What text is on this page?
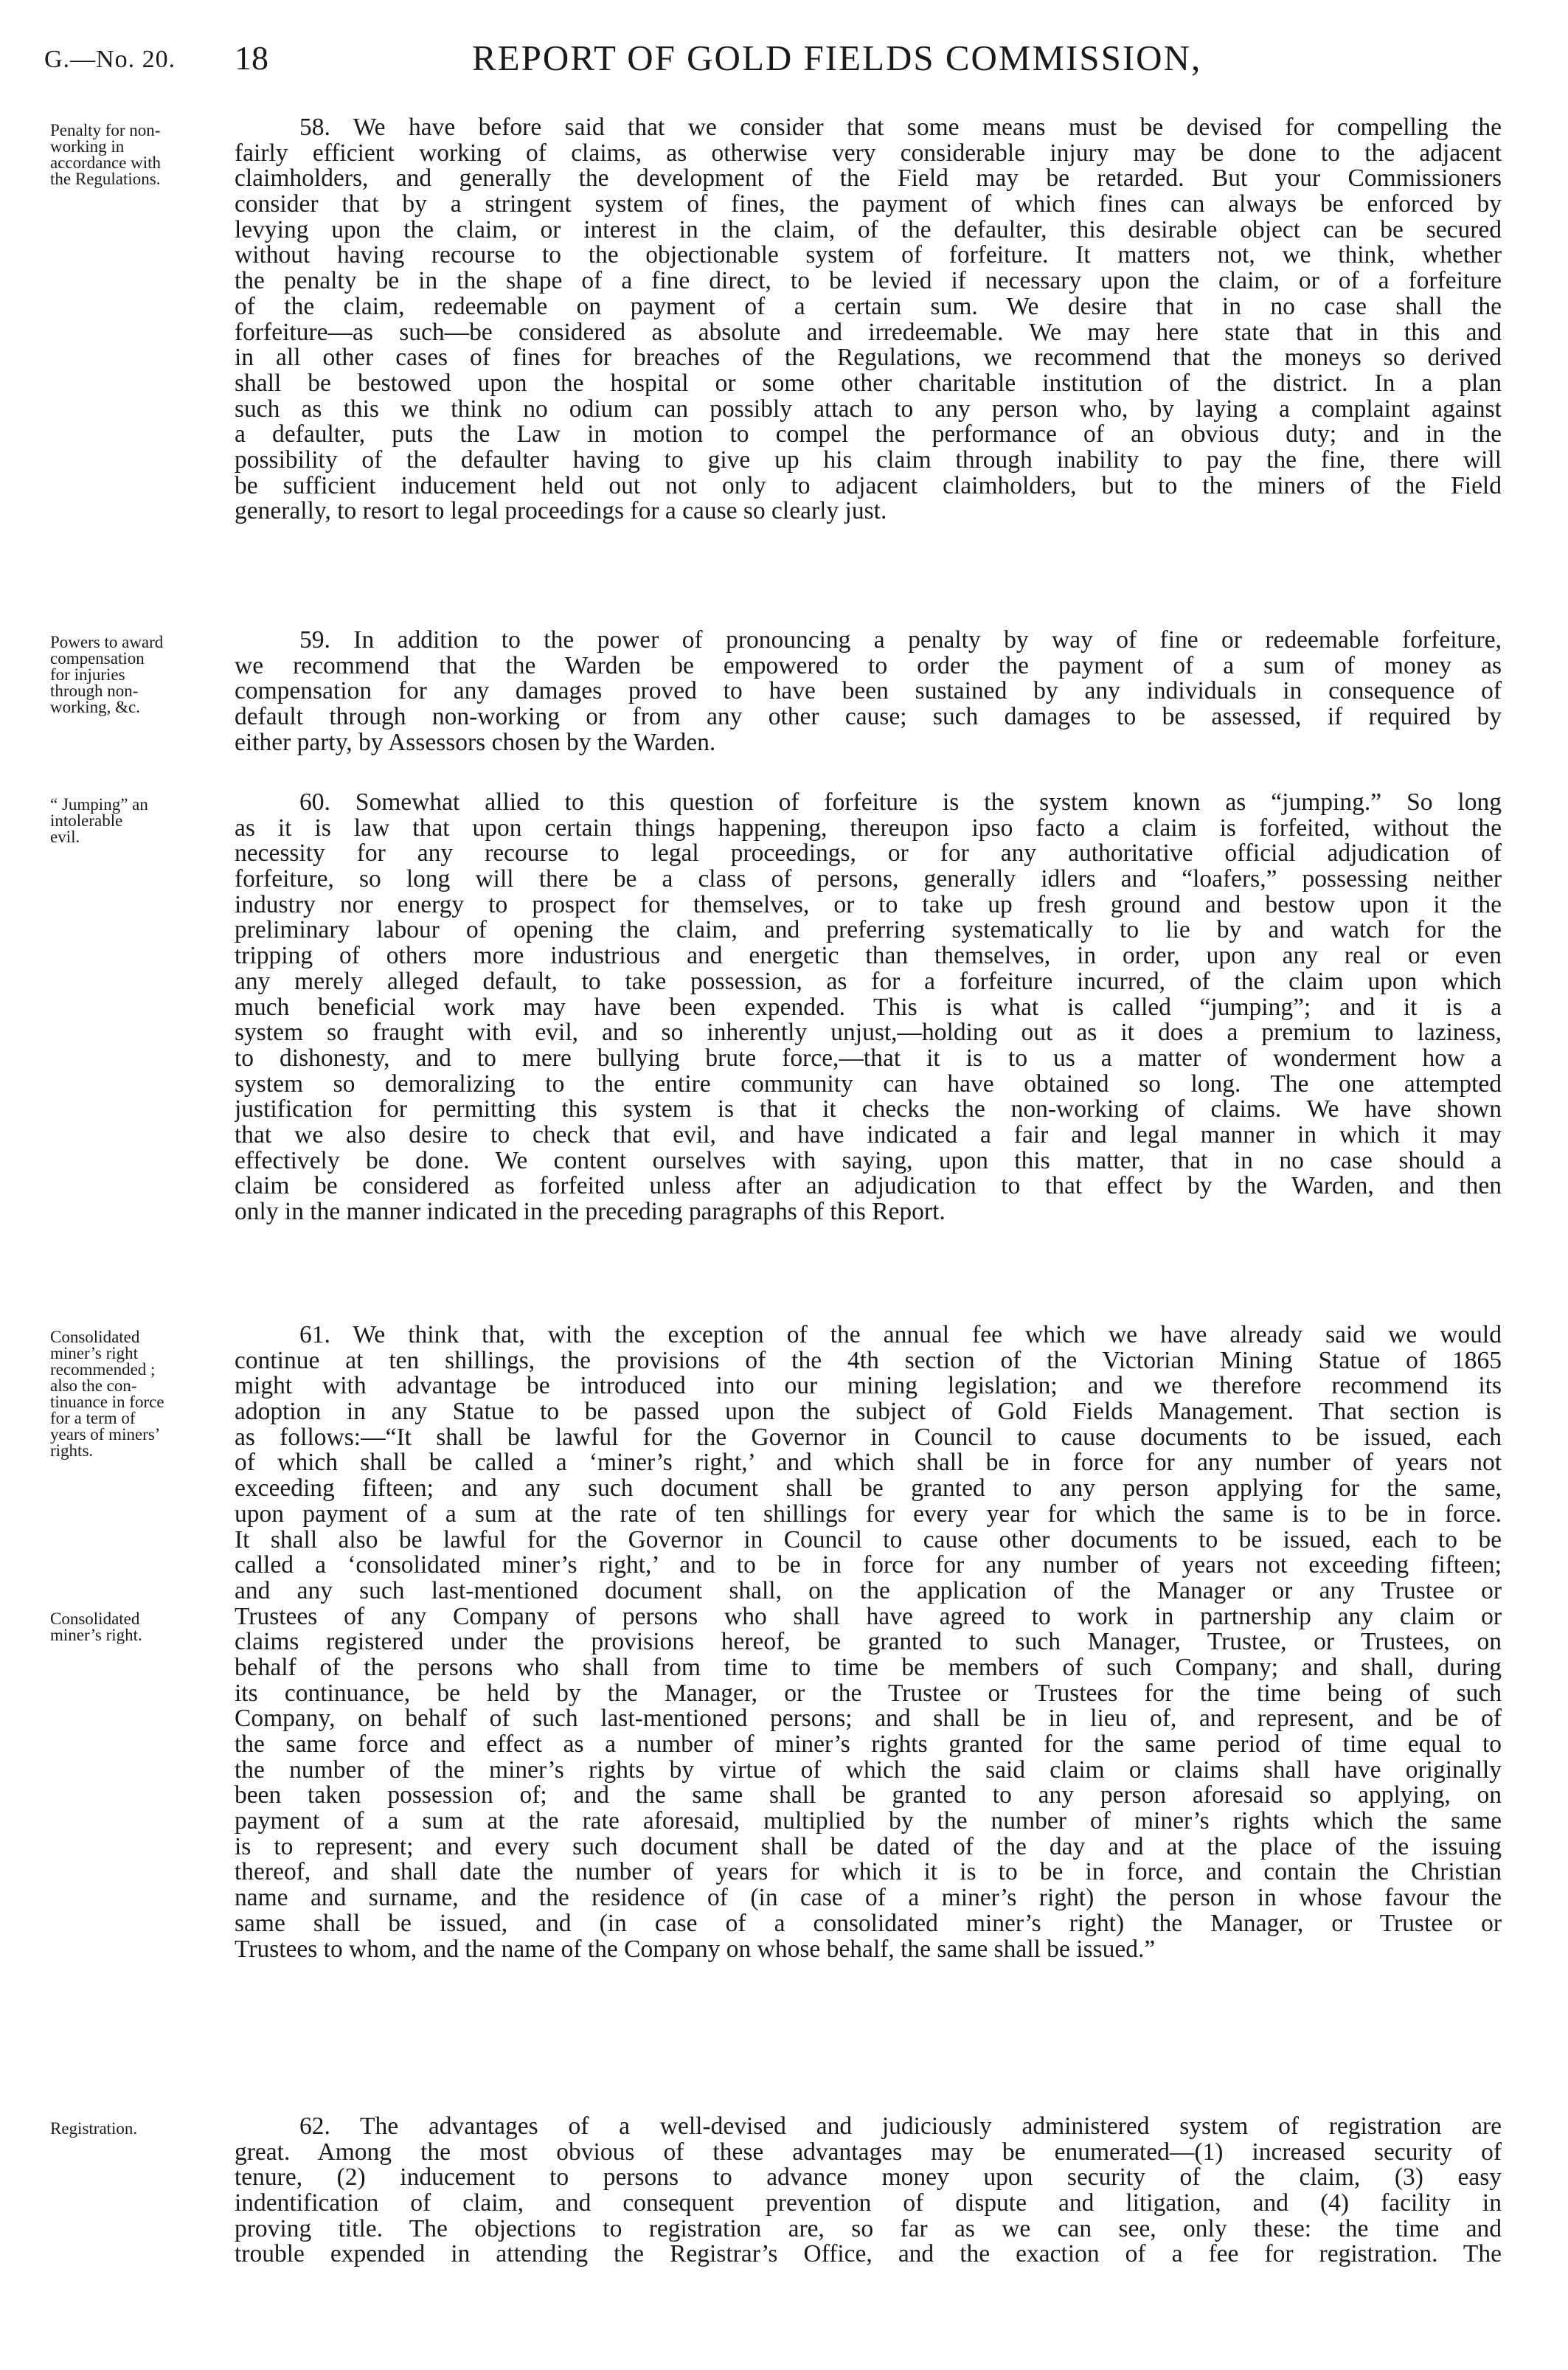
G.—No. 20. 18	REPORT OF GOLD FIELDS COMMISSION,
Penalty for non-
working in
accordance with
the Regulations.
Powers to award
compensation
for injuries
through non-
working, &c.
“ Jumping” an
intolerable
evil.
Consolidated
miner’s right
recommended ;
also the con-
tinuance in force
for a term of
years of miners’
rights.
Consolidated
miner’s right.
Registration.
58. We have before said that we consider that some means must be devised for compelling the
fairly efficient working of claims, as otherwise very considerable injury may be done to the adjacent
claimholders, and generally the development of the Field may be retarded. But your Commissioners
consider that by a stringent system of fines, the payment of which fines can always be enforced by
levying upon the claim, or interest in the claim, of the defaulter, this desirable object can be secured
without having recourse to the objectionable system of forfeiture. It matters not, we think, whether
the penalty be in the shape of a fine direct, to be levied if necessary upon the claim, or of a forfeiture
of the claim, redeemable on payment of a certain sum. We desire that in no case shall the
forfeiture—as such—be considered as absolute and irredeemable. We may here state that in this and
in all other cases of fines for breaches of the Regulations, we recommend that the moneys so derived
shall be bestowed upon the hospital or some other charitable institution of the district. In a plan
such as this we think no odium can possibly attach to any person who, by laying a complaint against
a defaulter, puts the Law in motion to compel the performance of an obvious duty; and in the
possibility of the defaulter having to give up his claim through inability to pay the fine, there will
be sufficient inducement held out not only to adjacent claimholders, but to the miners of the Field
generally, to resort to legal proceedings for a cause so clearly just.
59. In addition to the power of pronouncing a penalty by way of fine or redeemable forfeiture,
we recommend that the Warden be empowered to order the payment of a sum of money as
compensation for any damages proved to have been sustained by any individuals in consequence of
default through non-working or from any other cause; such damages to be assessed, if required by
either party, by Assessors chosen by the Warden.
60. Somewhat allied to this question of forfeiture is the system known as “jumping.” So long
as it is law that upon certain things happening, thereupon ipso facto a claim is forfeited, without the
necessity for any recourse to legal proceedings, or for any authoritative official adjudication of
forfeiture, so long will there be a class of persons, generally idlers and “loafers,” possessing neither
industry nor energy to prospect for themselves, or to take up fresh ground and bestow upon it the
preliminary labour of opening the claim, and preferring systematically to lie by and watch for the
tripping of others more industrious and energetic than themselves, in order, upon any real or even
any merely alleged default, to take possession, as for a forfeiture incurred, of the claim upon which
much beneficial work may have been expended. This is what is called “jumping”; and it is a
system so fraught with evil, and so inherently unjust,—holding out as it does a premium to laziness,
to dishonesty, and to mere bullying brute force,—that it is to us a matter of wonderment how a
system so demoralizing to the entire community can have obtained so long. The one attempted
justification for permitting this system is that it checks the non-working of claims. We have shown
that we also desire to check that evil, and have indicated a fair and legal manner in which it may
effectively be done. We content ourselves with saying, upon this matter, that in no case should a
claim be considered as forfeited unless after an adjudication to that effect by the Warden, and then
only in the manner indicated in the preceding paragraphs of this Report.
61. We think that, with the exception of the annual fee which we have already said we would
continue at ten shillings, the provisions of the 4th section of the Victorian Mining Statue of 1865
might with advantage be introduced into our mining legislation; and we therefore recommend its
adoption in any Statue to be passed upon the subject of Gold Fields Management. That section is
as follows:—“It shall be lawful for the Governor in Council to cause documents to be issued, each
of which shall be called a ‘miner’s right,’ and which shall be in force for any number of years not
exceeding fifteen; and any such document shall be granted to any person applying for the same,
upon payment of a sum at the rate of ten shillings for every year for which the same is to be in force.
It shall also be lawful for the Governor in Council to cause other documents to be issued, each to be
called a ‘consolidated miner’s right,’ and to be in force for any number of years not exceeding fifteen;
and any such last-mentioned document shall, on the application of the Manager or any Trustee or
Trustees of any Company of persons who shall have agreed to work in partnership any claim or
claims registered under the provisions hereof, be granted to such Manager, Trustee, or Trustees, on
behalf of the persons who shall from time to time be members of such Company; and shall, during
its continuance, be held by the Manager, or the Trustee or Trustees for the time being of such
Company, on behalf of such last-mentioned persons; and shall be in lieu of, and represent, and be of
the same force and effect as a number of miner’s rights granted for the same period of time equal to
the number of the miner’s rights by virtue of which the said claim or claims shall have originally
been taken possession of; and the same shall be granted to any person aforesaid so applying, on
payment of a sum at the rate aforesaid, multiplied by the number of miner’s rights which the same
is to represent; and every such document shall be dated of the day and at the place of the issuing
thereof, and shall date the number of years for which it is to be in force, and contain the Christian
name and surname, and the residence of (in case of a miner’s right) the person in whose favour the
same shall be issued, and (in case of a consolidated miner’s right) the Manager, or Trustee or
Trustees to whom, and the name of the Company on whose behalf, the same shall be issued.”
62. The advantages of a well-devised and judiciously administered system of registration are
great. Among the most obvious of these advantages may be enumerated—(1) increased security of
tenure, (2) inducement to persons to advance money upon security of the claim, (3) easy
indentification of claim, and consequent prevention of dispute and litigation, and (4) facility in
proving title. The objections to registration are, so far as we can see, only these: the time and
trouble expended in attending the Registrar’s Office, and the exaction of a fee for registration. The
